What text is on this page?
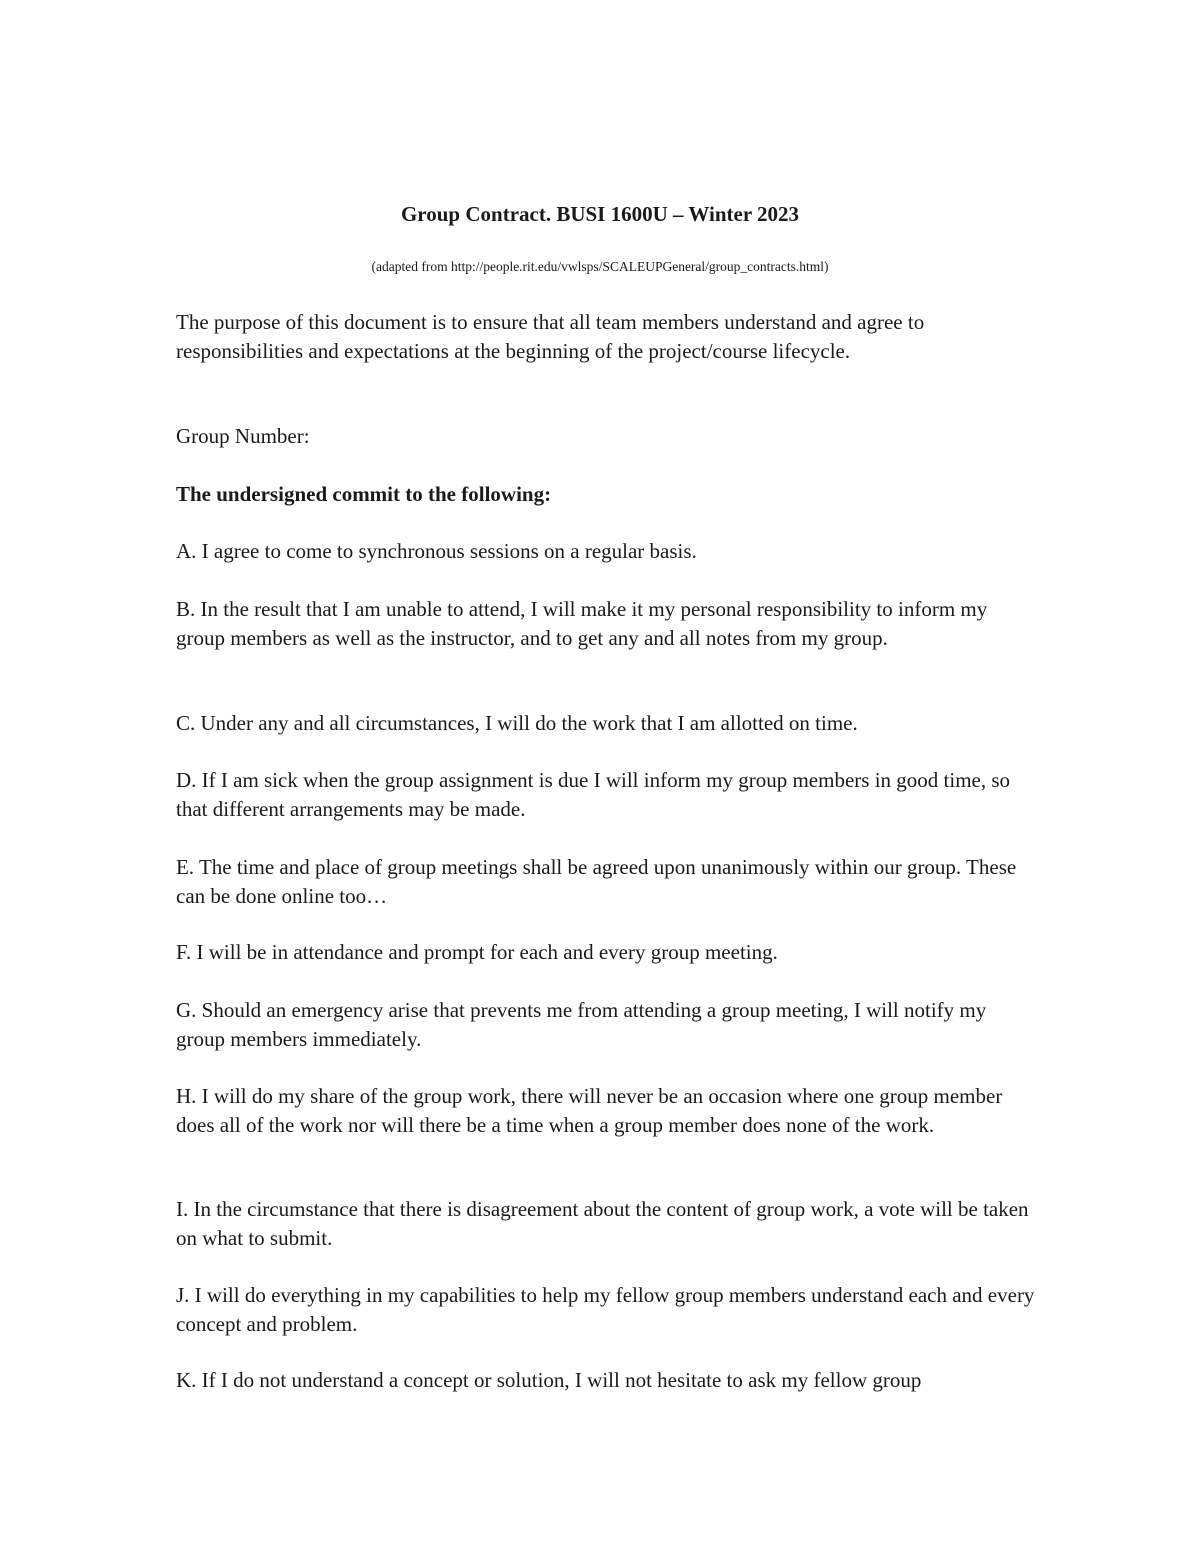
Group Contract. BUSI 1600U – Winter 2023
(adapted from http://people.rit.edu/vwlsps/SCALEUPGeneral/group_contracts.html)
The purpose of this document is to ensure that all team members understand and agree to responsibilities and expectations at the beginning of the project/course lifecycle.
Group Number:
The undersigned commit to the following:
A. I agree to come to synchronous sessions on a regular basis.
B. In the result that I am unable to attend, I will make it my personal responsibility to inform my group members as well as the instructor, and to get any and all notes from my group.
C. Under any and all circumstances, I will do the work that I am allotted on time.
D. If I am sick when the group assignment is due I will inform my group members in good time, so that different arrangements may be made.
E. The time and place of group meetings shall be agreed upon unanimously within our group. These can be done online too…
F. I will be in attendance and prompt for each and every group meeting.
G. Should an emergency arise that prevents me from attending a group meeting, I will notify my group members immediately.
H. I will do my share of the group work, there will never be an occasion where one group member does all of the work nor will there be a time when a group member does none of the work.
I. In the circumstance that there is disagreement about the content of group work, a vote will be taken on what to submit.
J. I will do everything in my capabilities to help my fellow group members understand each and every concept and problem.
K. If I do not understand a concept or solution, I will not hesitate to ask my fellow group
